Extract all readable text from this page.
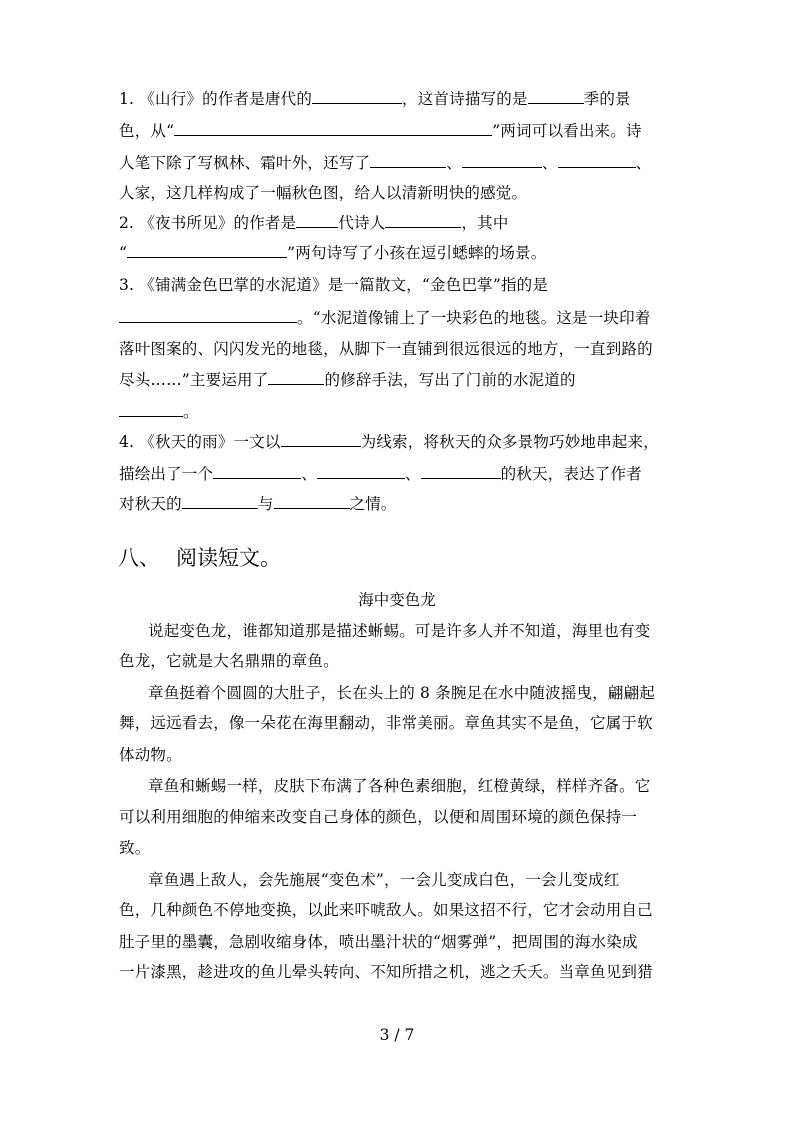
1. 《山行》的作者是唐代的	，这首诗描写的是	季的景
色，从“	”两词可以看出来。诗
人笔下除了写枫林、霜叶外，还写了	、	、	、
人家，这几样构成了一幅秋色图，给人以清新明快的感觉。
2. 《夜书所见》的作者是	代诗人	，其中
“	”两句诗写了小孩在逗引蟋蟀的场景。
3. 《铺满金色巴掌的水泥道》是一篇散文，“金色巴掌”指的是
。“水泥道像铺上了一块彩色的地毯。这是一块印着
落叶图案的、闪闪发光的地毯，从脚下一直铺到很远很远的地方，一直到路的
尽头……”主要运用了	的修辞手法，写出了门前的水泥道的
。
4. 《秋天的雨》一文以	为线索，将秋天的众多景物巧妙地串起来，
描绘出了一个	、	、	的秋天，表达了作者
对秋天的	与	之情。
八、 阅读短文。
海中变色龙
说起变色龙，谁都知道那是描述蜥蜴。可是许多人并不知道，海里也有变
色龙，它就是大名鼎鼎的章鱼。
章鱼挺着个圆圆的大肚子，长在头上的 8 条腕足在水中随波摇曳，翩翩起
舞，远远看去，像一朵花在海里翻动，非常美丽。章鱼其实不是鱼，它属于软
体动物。
章鱼和蜥蜴一样，皮肤下布满了各种色素细胞，红橙黄绿，样样齐备。它
可以利用细胞的伸缩来改变自己身体的颜色，以便和周围环境的颜色保持一
致。
章鱼遇上敌人，会先施展“变色术”，一会儿变成白色，一会儿变成红
色，几种颜色不停地变换，以此来吓唬敌人。如果这招不行，它才会动用自己
肚子里的墨囊，急剧收缩身体，喷出墨汁状的“烟雾弹”，把周围的海水染成
一片漆黑，趁进攻的鱼儿晕头转向、不知所措之机，逃之夭夭。当章鱼见到猎
3 / 7
